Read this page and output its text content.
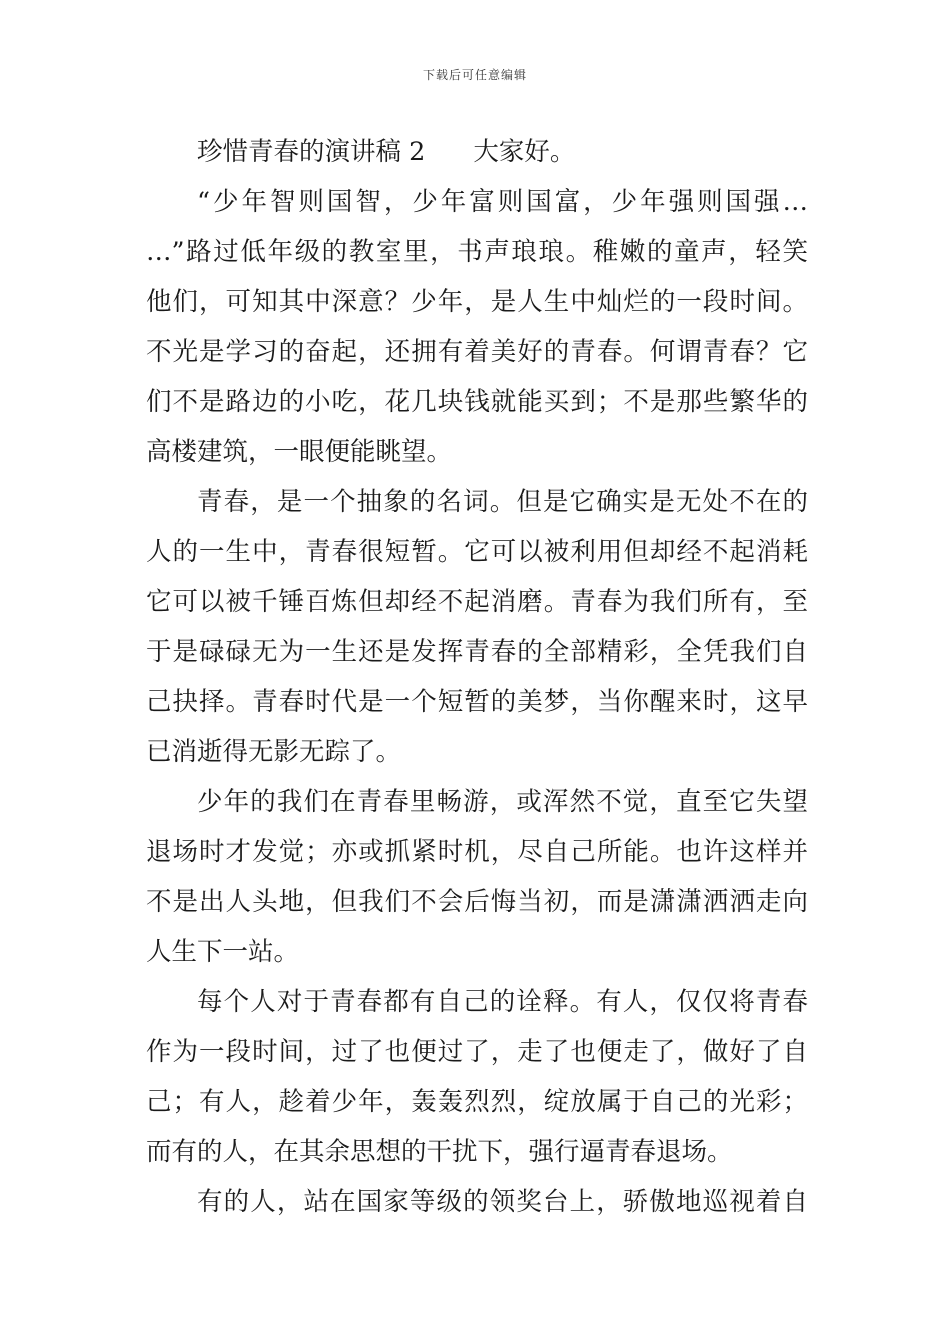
下载后可任意编辑
珍惜青春的演讲稿 2 大家好。
“少年智则国智，少年富则国富，少年强则国强…
…”路过低年级的教室里，书声琅琅。稚嫩的童声，轻笑
他们，可知其中深意？少年，是人生中灿烂的一段时间。
不光是学习的奋起，还拥有着美好的青春。何谓青春？它
们不是路边的小吃，花几块钱就能买到；不是那些繁华的
高楼建筑，一眼便能眺望。
青春，是一个抽象的名词。但是它确实是无处不在的
人的一生中，青春很短暂。它可以被利用但却经不起消耗
它可以被千锤百炼但却经不起消磨。青春为我们所有，至
于是碌碌无为一生还是发挥青春的全部精彩，全凭我们自
己抉择。青春时代是一个短暂的美梦，当你醒来时，这早
已消逝得无影无踪了。
少年的我们在青春里畅游，或浑然不觉，直至它失望
退场时才发觉；亦或抓紧时机，尽自己所能。也许这样并
不是出人头地，但我们不会后悔当初，而是潇潇洒洒走向
人生下一站。
每个人对于青春都有自己的诠释。有人，仅仅将青春
作为一段时间，过了也便过了，走了也便走了，做好了自
己；有人，趁着少年，轰轰烈烈，绽放属于自己的光彩；
而有的人，在其余思想的干扰下，强行逼青春退场。
有的人，站在国家等级的领奖台上，骄傲地巡视着自
